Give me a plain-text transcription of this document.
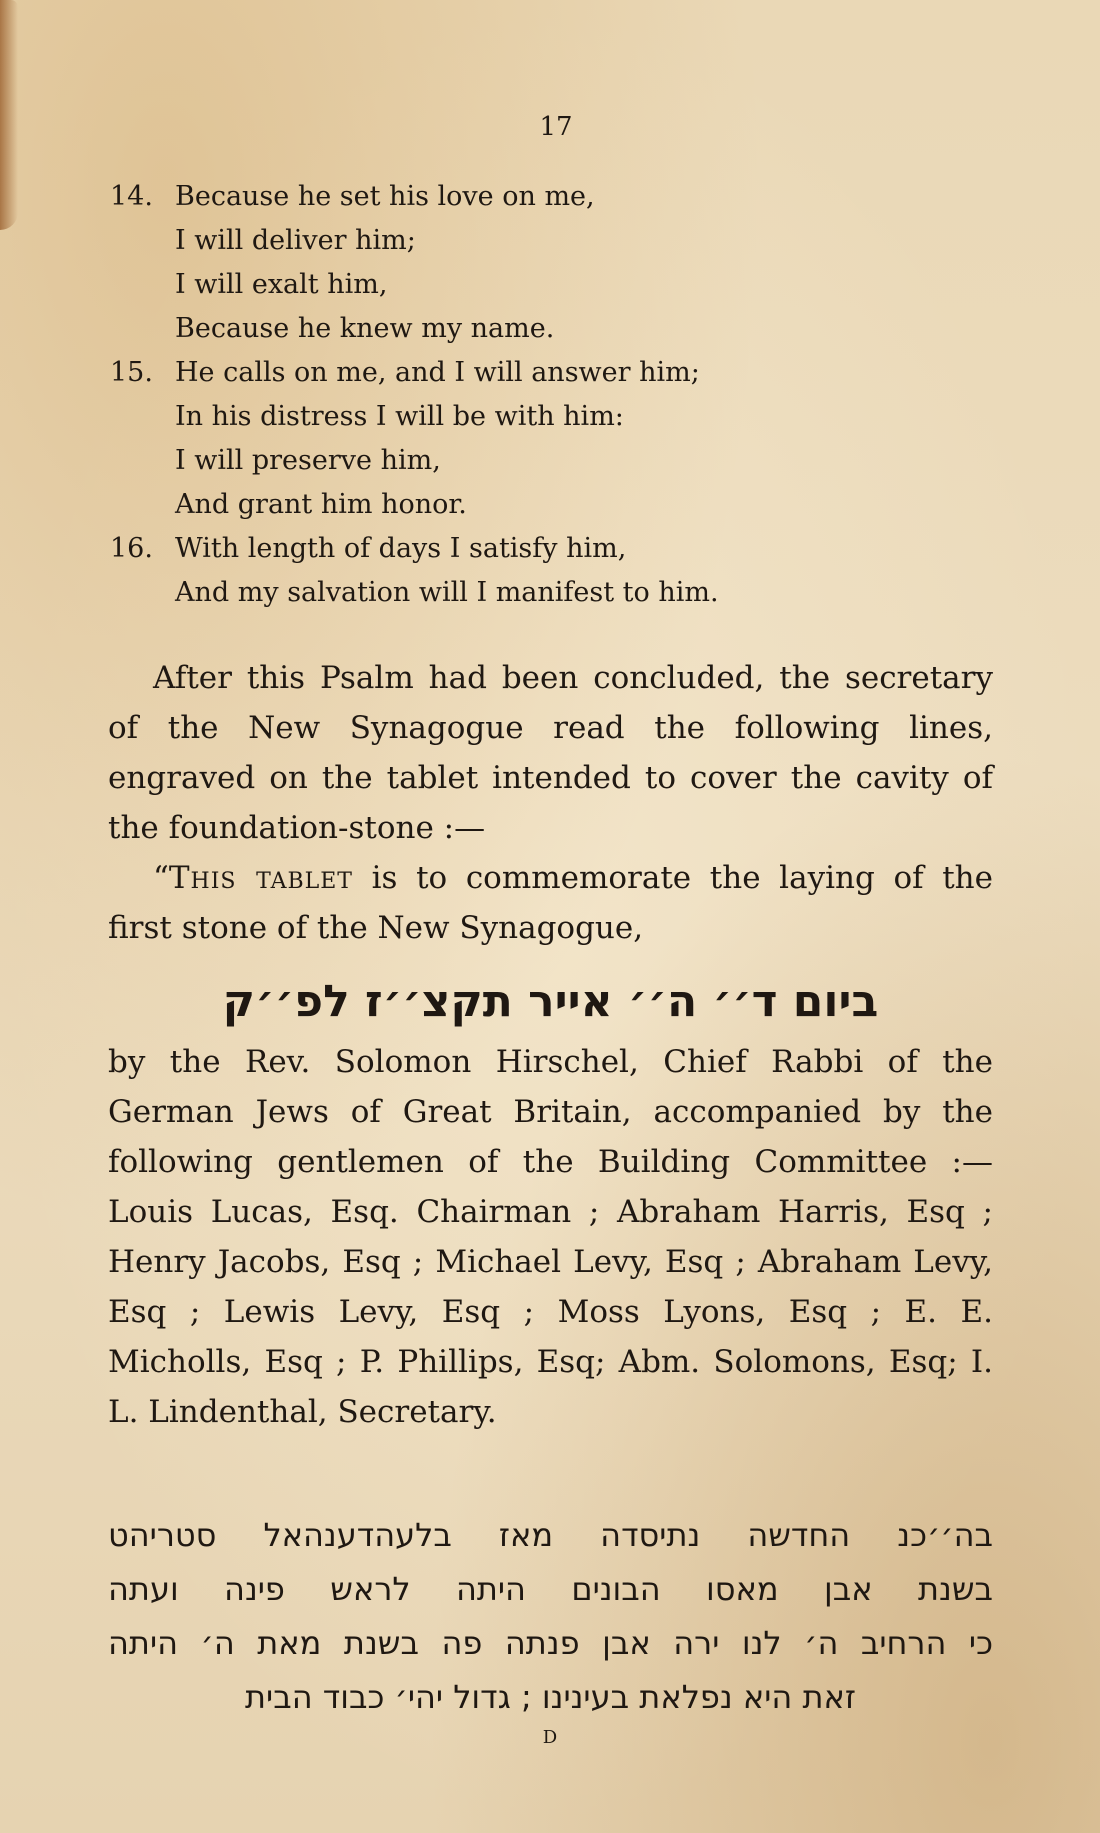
17
14. Because he set his love on me,
I will deliver him;
I will exalt him,
Because he knew my name.
15. He calls on me, and I will answer him;
In his distress I will be with him:
I will preserve him,
And grant him honor.
16. With length of days I satisfy him,
And my salvation will I manifest to him.

After this Psalm had been concluded, the secretary of the New Synagogue read the following lines, engraved on the tablet intended to cover the cavity of the foundation-stone :—

“This tablet is to commemorate the laying of the first stone of the New Synagogue,

ביום ד׳׳ ה׳׳ אייר תקצ׳׳ז לפ׳׳ק

by the Rev. Solomon Hirschel, Chief Rabbi of the German Jews of Great Britain, accompanied by the following gentlemen of the Building Committee :— Louis Lucas, Esq. Chairman ; Abraham Harris, Esq ; Henry Jacobs, Esq ; Michael Levy, Esq ; Abraham Levy, Esq ; Lewis Levy, Esq ; Moss Lyons, Esq ; E. E. Micholls, Esq ; P. Phillips, Esq; Abm. Solomons, Esq; I. L. Lindenthal, Secretary.

בה׳׳כנ החדשה נתיסדה מאז בלעהדענהאל סטריהט
בשנת אבן מאסו הבונים היתה לראש פינה ועתה
כי הרחיב ה׳ לנו ירה אבן פנתה פה בשנת מאת ה׳ היתה
זאת היא נפלאת בעינינו ; גדול יהי׳ כבוד הבית
D
